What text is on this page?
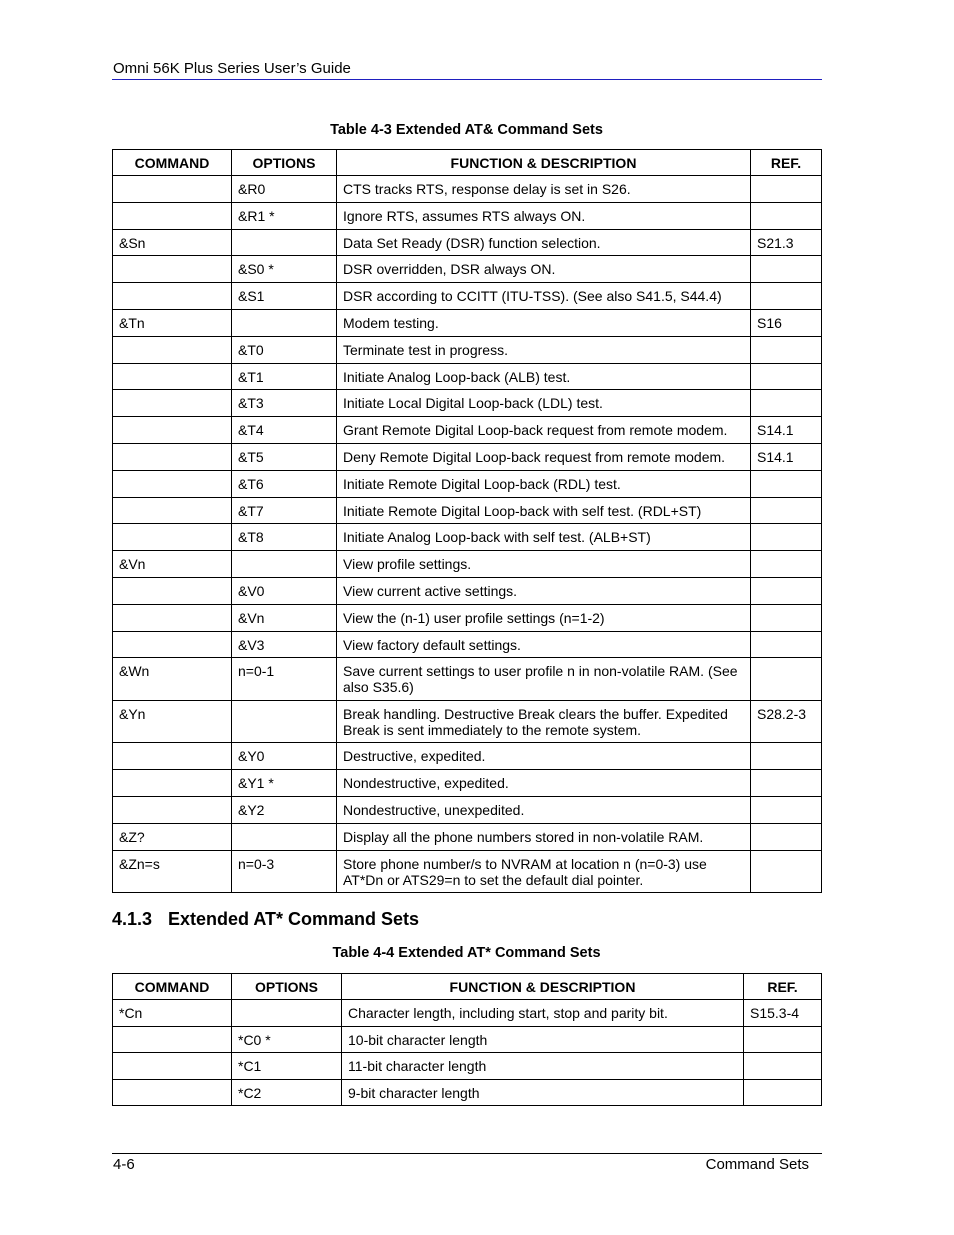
Omni 56K Plus Series User’s Guide
Table 4-3 Extended AT& Command Sets
COMMAND	OPTIONS	FUNCTION & DESCRIPTION	REF.
	&R0	CTS tracks RTS, response delay is set in S26.	
	&R1 *	Ignore RTS, assumes RTS always ON.	
&Sn		Data Set Ready (DSR) function selection.	S21.3
	&S0 *	DSR overridden, DSR always ON.	
	&S1	DSR according to CCITT (ITU-TSS). (See also S41.5, S44.4)	
&Tn		Modem testing.	S16
	&T0	Terminate test in progress.	
	&T1	Initiate Analog Loop-back (ALB) test.	
	&T3	Initiate Local Digital Loop-back (LDL) test.	
	&T4	Grant Remote Digital Loop-back request from remote modem.	S14.1
	&T5	Deny Remote Digital Loop-back request from remote modem.	S14.1
	&T6	Initiate Remote Digital Loop-back (RDL) test.	
	&T7	Initiate Remote Digital Loop-back with self test. (RDL+ST)	
	&T8	Initiate Analog Loop-back with self test. (ALB+ST)	
&Vn		View profile settings.	
	&V0	View current active settings.	
	&Vn	View the (n-1) user profile settings (n=1-2)	
	&V3	View factory default settings.	
&Wn	n=0-1	Save current settings to user profile n in non-volatile RAM. (See also S35.6)	
&Yn		Break handling. Destructive Break clears the buffer. Expedited Break is sent immediately to the remote system.	S28.2-3
	&Y0	Destructive, expedited.	
	&Y1 *	Nondestructive, expedited.	
	&Y2	Nondestructive, unexpedited.	
&Z?		Display all the phone numbers stored in non-volatile RAM.	
&Zn=s	n=0-3	Store phone number/s to NVRAM at location n (n=0-3) use AT*Dn or ATS29=n to set the default dial pointer.	
4.1.3 Extended AT* Command Sets
Table 4-4 Extended AT* Command Sets
COMMAND	OPTIONS	FUNCTION & DESCRIPTION	REF.
*Cn		Character length, including start, stop and parity bit.	S15.3-4
	*C0 *	10-bit character length	
	*C1	11-bit character length	
	*C2	9-bit character length	
4-6	Command Sets
